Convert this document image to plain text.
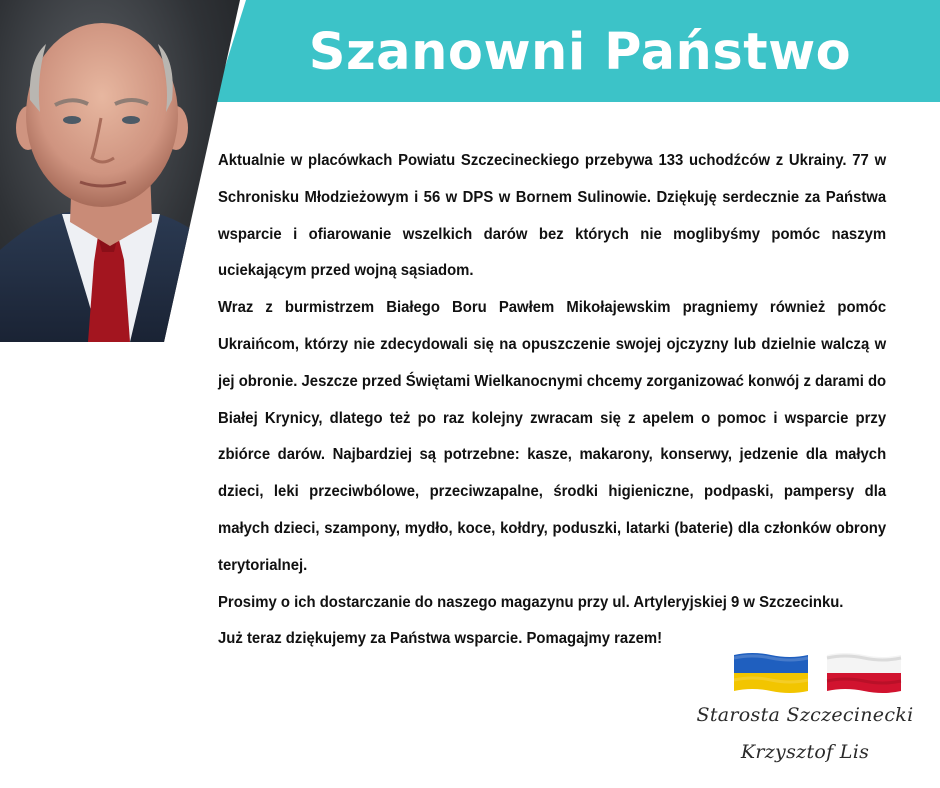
Szanowni Państwo

Aktualnie w placówkach Powiatu Szczecineckiego przebywa 133 uchodźców z Ukrainy. 77 w Schronisku Młodzieżowym i 56 w DPS w Bornem Sulinowie. Dziękuję serdecznie za Państwa wsparcie i ofiarowanie wszelkich darów bez których nie moglibyśmy pomóc naszym uciekającym przed wojną sąsiadom.

Wraz z burmistrzem Białego Boru Pawłem Mikołajewskim pragniemy również pomóc Ukraińcom, którzy nie zdecydowali się na opuszczenie swojej ojczyzny lub dzielnie walczą w jej obronie. Jeszcze przed Świętami Wielkanocnymi chcemy zorganizować konwój z darami do Białej Krynicy, dlatego też po raz kolejny zwracam się z apelem o pomoc i wsparcie przy zbiórce darów. Najbardziej są potrzebne: kasze, makarony, konserwy, jedzenie dla małych dzieci, leki przeciwbólowe, przeciwzapalne, środki higieniczne, podpaski, pampersy dla małych dzieci, szampony, mydło, koce, kołdry, poduszki, latarki (baterie) dla członków obrony terytorialnej.

Prosimy o ich dostarczanie do naszego magazynu przy ul. Artyleryjskiej 9 w Szczecinku.

Już teraz dziękujemy za Państwa wsparcie. Pomagajmy razem!

Starosta Szczecinecki
Krzysztof Lis
